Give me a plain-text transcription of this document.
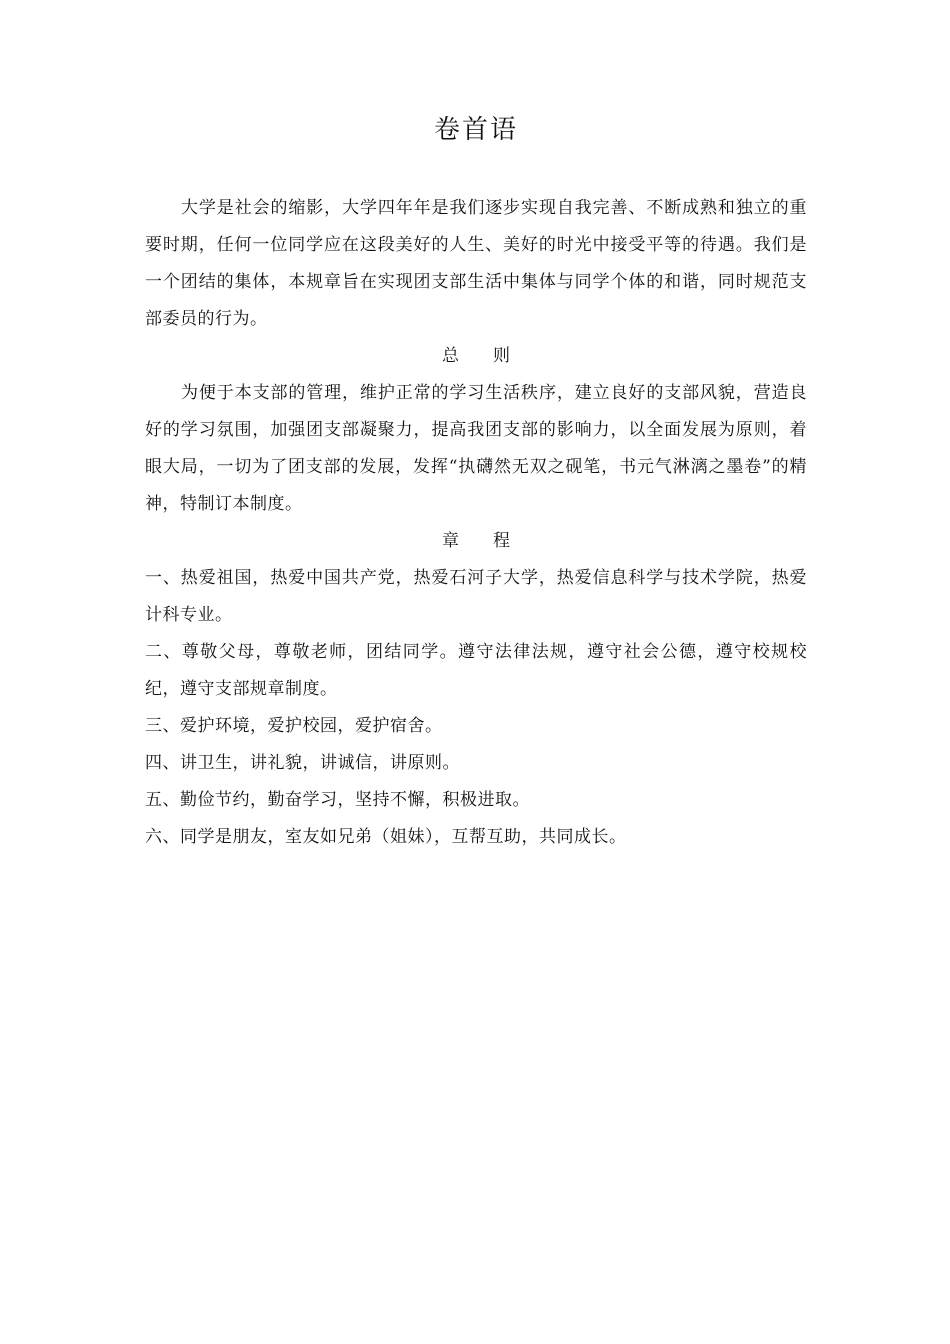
卷首语

大学是社会的缩影，大学四年年是我们逐步实现自我完善、不断成熟和独立的重要时期，任何一位同学应在这段美好的人生、美好的时光中接受平等的待遇。我们是一个团结的集体，本规章旨在实现团支部生活中集体与同学个体的和谐，同时规范支部委员的行为。

总 则

为便于本支部的管理，维护正常的学习生活秩序，建立良好的支部风貌，营造良好的学习氛围，加强团支部凝聚力，提高我团支部的影响力，以全面发展为原则，着眼大局，一切为了团支部的发展，发挥“执礴然无双之砚笔，书元气淋漓之墨卷”的精神，特制订本制度。

章 程

一、热爱祖国，热爱中国共产党，热爱石河子大学，热爱信息科学与技术学院，热爱计科专业。

二、尊敬父母，尊敬老师，团结同学。遵守法律法规，遵守社会公德，遵守校规校纪，遵守支部规章制度。

三、爱护环境，爱护校园，爱护宿舍。

四、讲卫生，讲礼貌，讲诚信，讲原则。

五、勤俭节约，勤奋学习，坚持不懈，积极进取。

六、同学是朋友，室友如兄弟（姐妹），互帮互助，共同成长。
